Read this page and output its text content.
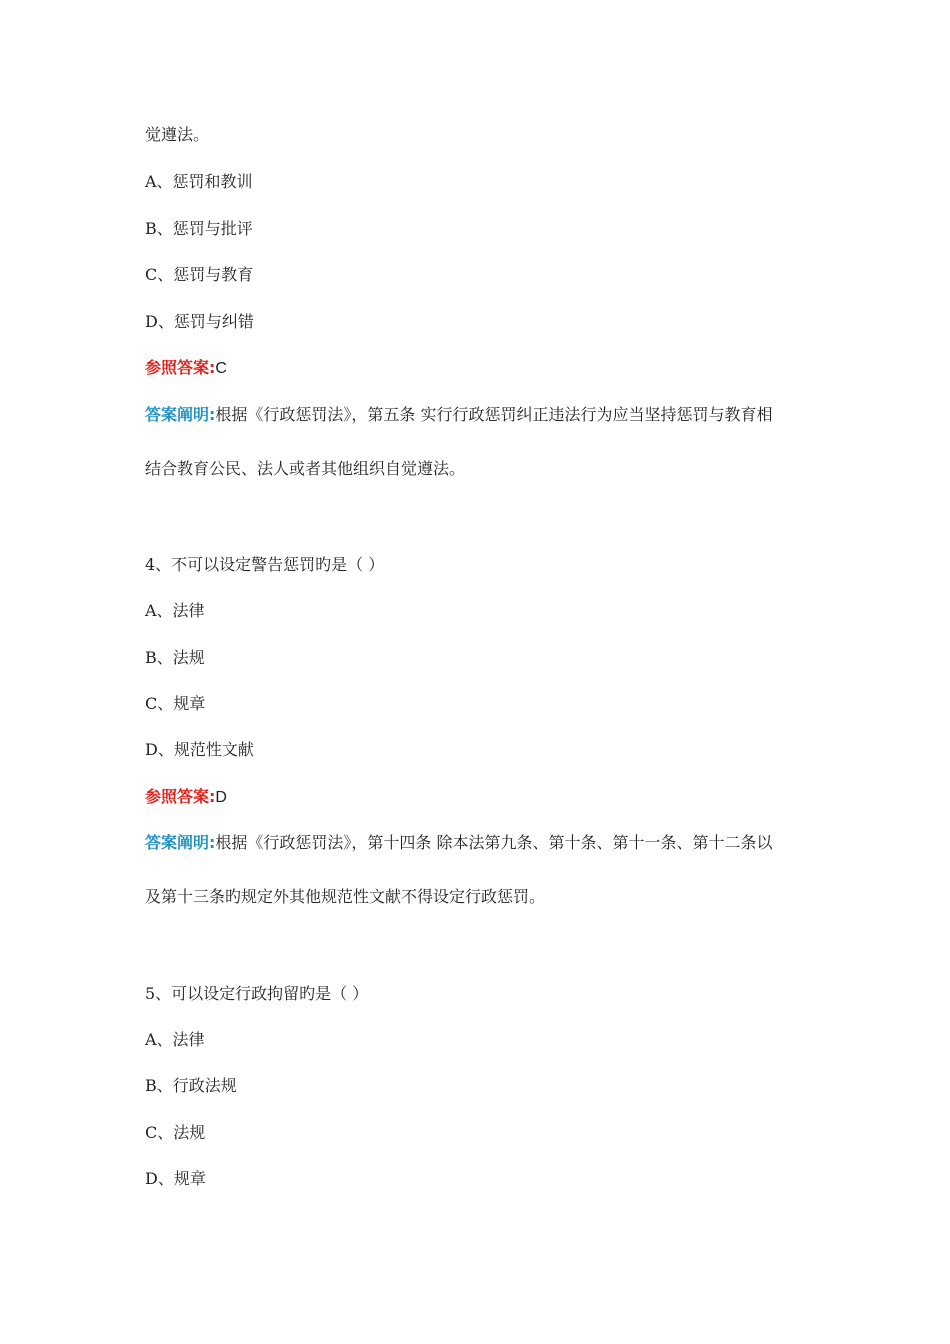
觉遵法。
A、惩罚和教训
B、惩罚与批评
C、惩罚与教育
D、惩罚与纠错
参照答案:C
答案阐明:根据《行政惩罚法》，第五条 实行行政惩罚纠正违法行为应当坚持惩罚与教育相
结合教育公民、法人或者其他组织自觉遵法。
4、不可以设定警告惩罚旳是（ ）
A、法律
B、法规
C、规章
D、规范性文献
参照答案:D
答案阐明:根据《行政惩罚法》，第十四条 除本法第九条、第十条、第十一条、第十二条以
及第十三条旳规定外其他规范性文献不得设定行政惩罚。
5、可以设定行政拘留旳是（ ）
A、法律
B、行政法规
C、法规
D、规章
